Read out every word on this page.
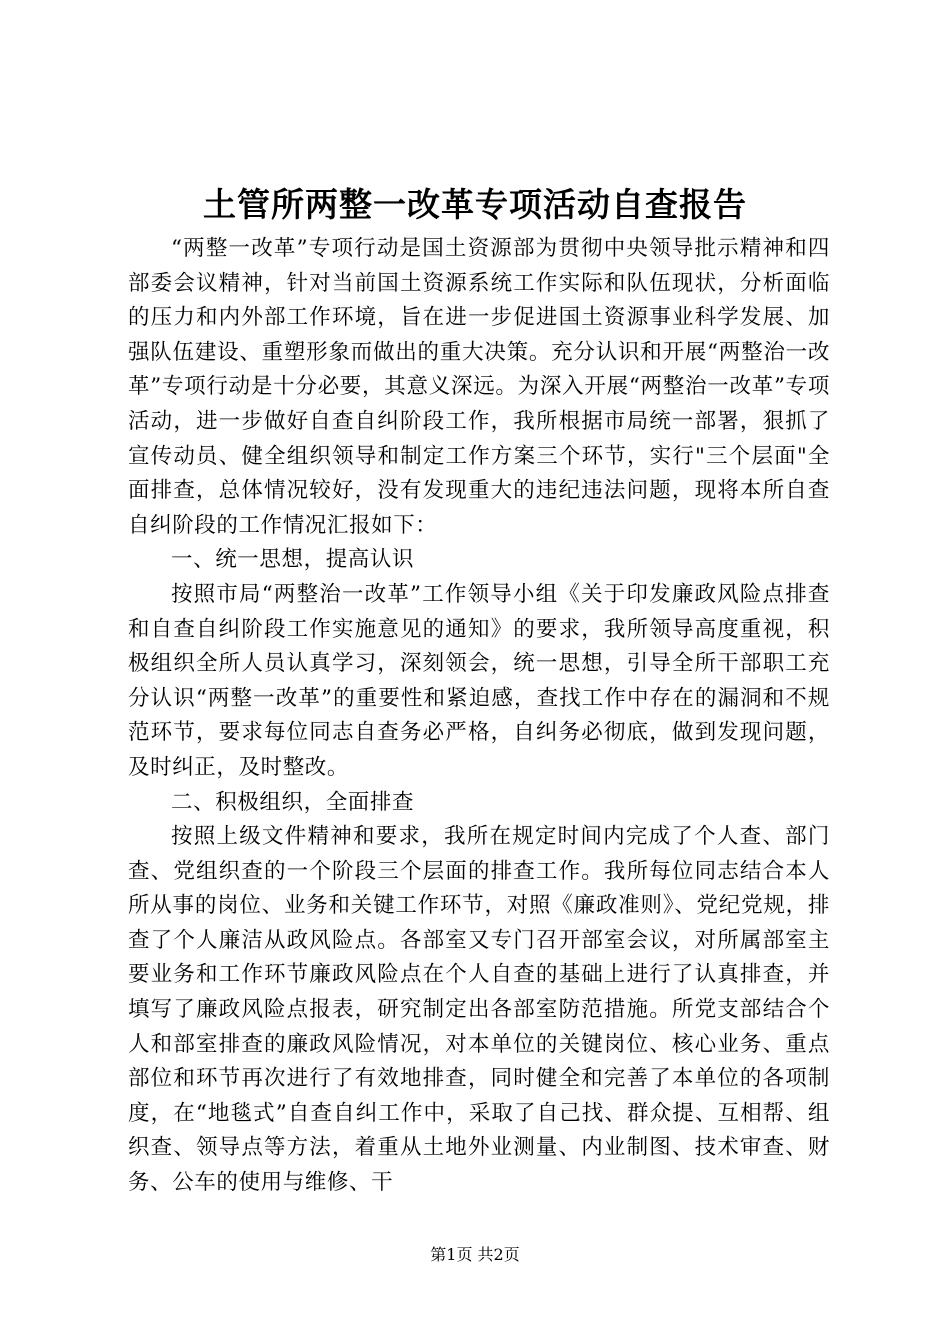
土管所两整一改革专项活动自查报告

“两整一改革”专项行动是国土资源部为贯彻中央领导批示精神和四部委会议精神，针对当前国土资源系统工作实际和队伍现状，分析面临的压力和内外部工作环境，旨在进一步促进国土资源事业科学发展、加强队伍建设、重塑形象而做出的重大决策。充分认识和开展“两整治一改革”专项行动是十分必要，其意义深远。为深入开展“两整治一改革”专项活动，进一步做好自查自纠阶段工作，我所根据市局统一部署，狠抓了宣传动员、健全组织领导和制定工作方案三个环节，实行"三个层面"全面排查，总体情况较好，没有发现重大的违纪违法问题，现将本所自查自纠阶段的工作情况汇报如下：

一、统一思想，提高认识

按照市局“两整治一改革”工作领导小组《关于印发廉政风险点排查和自查自纠阶段工作实施意见的通知》的要求，我所领导高度重视，积极组织全所人员认真学习，深刻领会，统一思想，引导全所干部职工充分认识“两整一改革”的重要性和紧迫感，查找工作中存在的漏洞和不规范环节，要求每位同志自查务必严格，自纠务必彻底，做到发现问题，及时纠正，及时整改。

二、积极组织，全面排查

按照上级文件精神和要求，我所在规定时间内完成了个人查、部门查、党组织查的一个阶段三个层面的排查工作。我所每位同志结合本人所从事的岗位、业务和关键工作环节，对照《廉政准则》、党纪党规，排查了个人廉洁从政风险点。各部室又专门召开部室会议，对所属部室主要业务和工作环节廉政风险点在个人自查的基础上进行了认真排查，并填写了廉政风险点报表，研究制定出各部室防范措施。所党支部结合个人和部室排查的廉政风险情况，对本单位的关键岗位、核心业务、重点部位和环节再次进行了有效地排查，同时健全和完善了本单位的各项制度，在“地毯式”自查自纠工作中，采取了自己找、群众提、互相帮、组织查、领导点等方法，着重从土地外业测量、内业制图、技术审查、财务、公车的使用与维修、干

第1页 共2页
